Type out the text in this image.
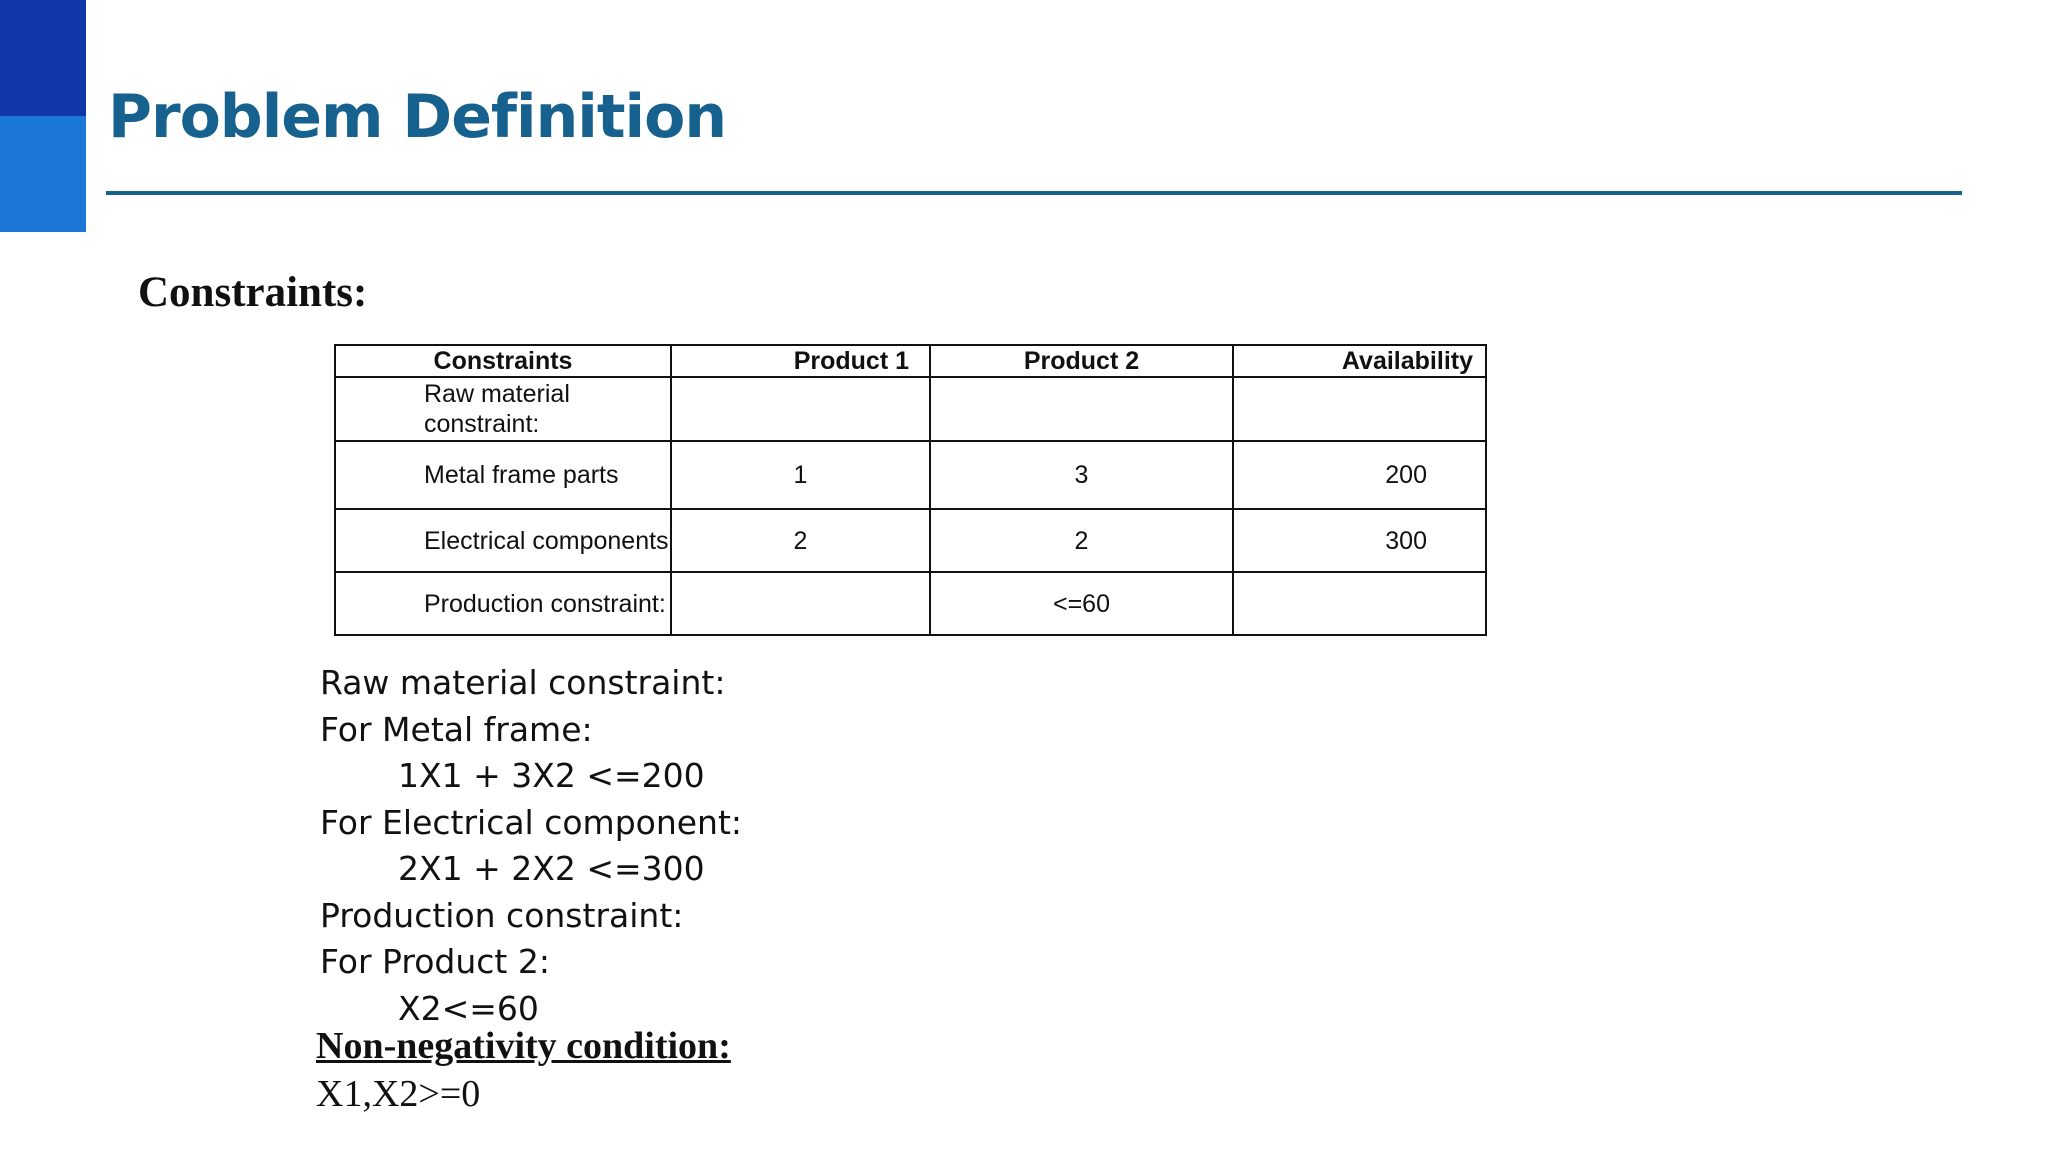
Problem Definition
Constraints:
Constraints	Product 1	Product 2	Availability
Raw material constraint:			
Metal frame parts	1	3	200
Electrical components	2	2	300
Production constraint:		<=60	
Raw material constraint:
For Metal frame:
1X1 + 3X2 <=200
For Electrical component:
2X1 + 2X2 <=300
Production constraint:
For Product 2:
X2<=60

Non-negativity condition:

X1,X2>=0
